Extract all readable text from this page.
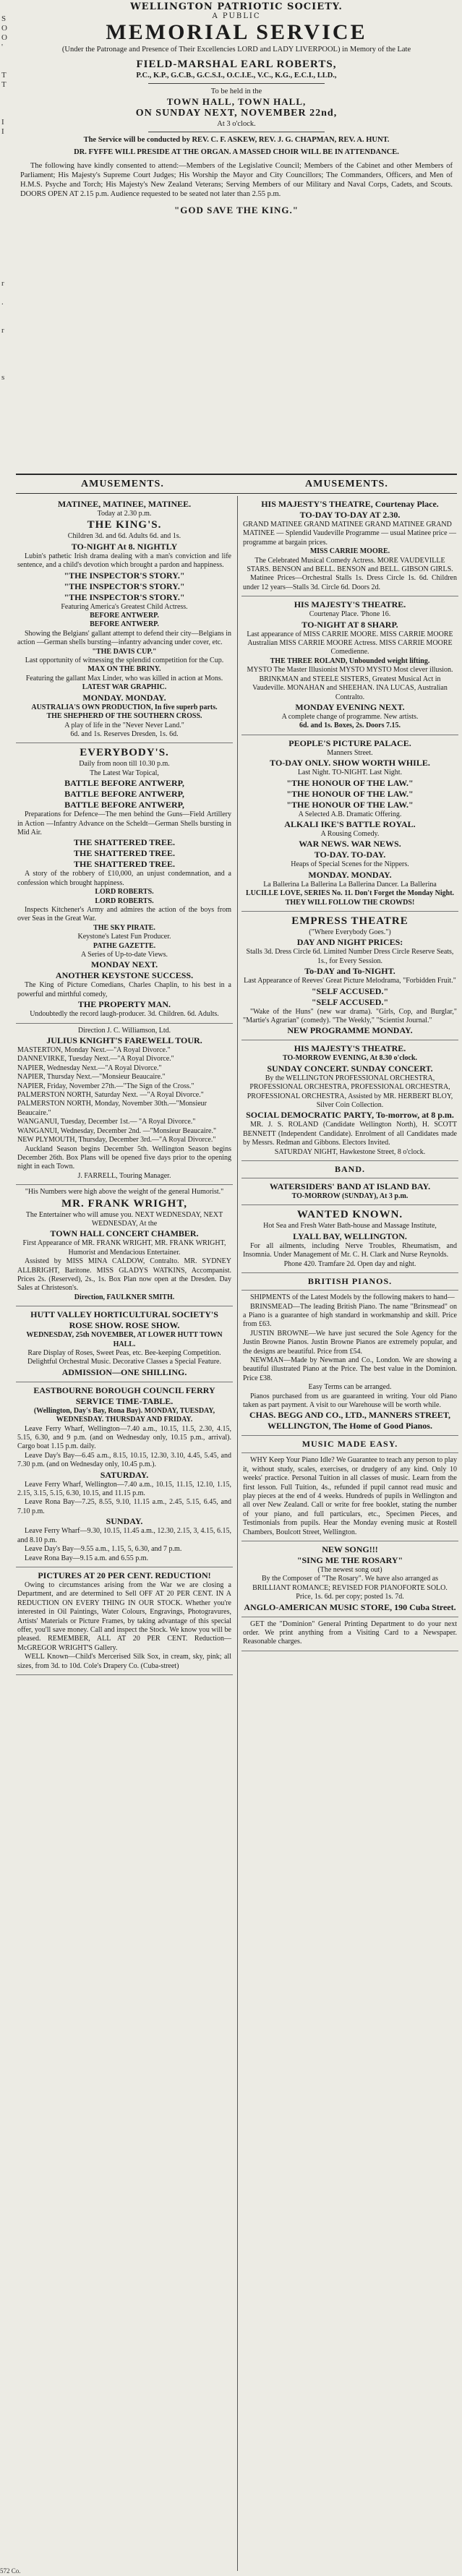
S
O
O
'

T
T

I
I

r

.

r

s

WELLINGTON PATRIOTIC SOCIETY.

A PUBLIC

MEMORIAL SERVICE

(Under the Patronage and Presence of Their Excellencies LORD and LADY LIVERPOOL) in Memory of the Late

FIELD-MARSHAL EARL ROBERTS,

P.C., K.P., G.C.B., G.C.S.I., O.C.I.E., V.C., K.G., E.C.I., LLD.,

To be held in the

TOWN HALL, TOWN HALL,

ON SUNDAY NEXT, NOVEMBER 22nd,

At 3 o'clock.

The Service will be conducted by REV. C. F. ASKEW, REV. J. G. CHAPMAN, REV. A. HUNT.

DR. FYFFE WILL PRESIDE AT THE ORGAN. A MASSED CHOIR WILL BE IN ATTENDANCE.

The following have kindly consented to attend:—Members of the Legislative Council; Members of the Cabinet and other Members of Parliament; His Majesty's Supreme Court Judges; His Worship the Mayor and City Councillors; The Commanders, Officers, and Men of H.M.S. Psyche and Torch; His Majesty's New Zealand Veterans; Serving Members of our Military and Naval Corps, Cadets, and Scouts. DOORS OPEN AT 2.15 p.m. Audience requested to be seated not later than 2.55 p.m.

"GOD SAVE THE KING."

AMUSEMENTS.	AMUSEMENTS.

MATINEE, MATINEE, MATINEE.

Today at 2.30 p.m.

THE KING'S.

Children 3d. and 6d. Adults 6d. and 1s.

TO-NIGHT At 8. NIGHTLY

Lubin's pathetic Irish drama dealing with a man's conviction and life sentence, and a child's devotion which brought a pardon and happiness.

"THE INSPECTOR'S STORY."

"THE INSPECTOR'S STORY."

"THE INSPECTOR'S STORY."

Featuring America's Greatest Child Actress.

BEFORE ANTWERP.

BEFORE ANTWERP.

Showing the Belgians' gallant attempt to defend their city—Belgians in action —German shells bursting—infantry advancing under cover, etc.

"THE DAVIS CUP."

Last opportunity of witnessing the splendid competition for the Cup.

MAX ON THE BRINY.

Featuring the gallant Max Linder, who was killed in action at Mons.

LATEST WAR GRAPHIC.

MONDAY. MONDAY.

AUSTRALIA'S OWN PRODUCTION, In five superb parts.

THE SHEPHERD OF THE SOUTHERN CROSS.

A play of life in the "Never Never Land."

6d. and 1s. Reserves Dresden, 1s. 6d.

EVERYBODY'S.

Daily from noon till 10.30 p.m.

The Latest War Topical,

BATTLE BEFORE ANTWERP,

BATTLE BEFORE ANTWERP,

BATTLE BEFORE ANTWERP,

Preparations for Defence—The men behind the Guns—Field Artillery in Action —Infantry Advance on the Scheldt—German Shells bursting in Mid Air.

THE SHATTERED TREE.

THE SHATTERED TREE.

THE SHATTERED TREE.

A story of the robbery of £10,000, an unjust condemnation, and a confession which brought happiness.

LORD ROBERTS.

LORD ROBERTS.

Inspects Kitchener's Army and admires the action of the boys from over Seas in the Great War.

THE SKY PIRATE.

Keystone's Latest Fun Producer.

PATHE GAZETTE.

A Series of Up-to-date Views.

MONDAY NEXT.

ANOTHER KEYSTONE SUCCESS.

The King of Picture Comedians, Charles Chaplin, to his best in a powerful and mirthful comedy,

THE PROPERTY MAN.

Undoubtedly the record laugh-producer. 3d. Children. 6d. Adults.

Direction J. C. Williamson, Ltd.

JULIUS KNIGHT'S FAREWELL TOUR.

MASTERTON, Monday Next.—"A Royal Divorce."

DANNEVIRKE, Tuesday Next.—"A Royal Divorce."

NAPIER, Wednesday Next.—"A Royal Divorce."

NAPIER, Thursday Next.—"Monsieur Beaucaire."

NAPIER, Friday, November 27th.—"The Sign of the Cross."

PALMERSTON NORTH, Saturday Next. —"A Royal Divorce."

PALMERSTON NORTH, Monday, November 30th.—"Monsieur Beaucaire."

WANGANUI, Tuesday, December 1st.— "A Royal Divorce."

WANGANUI, Wednesday, December 2nd. —"Monsieur Beaucaire."

NEW PLYMOUTH, Thursday, December 3rd.—"A Royal Divorce."

Auckland Season begins December 5th. Wellington Season begins December 26th. Box Plans will be opened five days prior to the opening night in each Town.

J. FARRELL, Touring Manager.

"His Numbers were high above the weight of the general Humorist."

MR. FRANK WRIGHT,

The Entertainer who will amuse you. NEXT WEDNESDAY, NEXT WEDNESDAY, At the

TOWN HALL CONCERT CHAMBER.

First Appearance of MR. FRANK WRIGHT, MR. FRANK WRIGHT, Humorist and Mendacious Entertainer.

Assisted by MISS MINA CALDOW, Contralto. MR. SYDNEY ALLBRIGHT, Baritone. MISS GLADYS WATKINS, Accompanist. Prices 2s. (Reserved), 2s., 1s. Box Plan now open at the Dresden. Day Sales at Christeson's.

Direction, FAULKNER SMITH.

HUTT VALLEY HORTICULTURAL SOCIETY'S

ROSE SHOW. ROSE SHOW.

WEDNESDAY, 25th NOVEMBER, AT LOWER HUTT TOWN HALL.

Rare Display of Roses, Sweet Peas, etc. Bee-keeping Competition. Delightful Orchestral Music. Decorative Classes a Special Feature.

ADMISSION—ONE SHILLING.

EASTBOURNE BOROUGH COUNCIL FERRY SERVICE TIME-TABLE.

(Wellington, Day's Bay, Rona Bay). MONDAY, TUESDAY, WEDNESDAY. THURSDAY AND FRIDAY.

Leave Ferry Wharf, Wellington—7.40 a.m., 10.15, 11.5, 2.30, 4.15, 5.15, 6.30, and 9 p.m. (and on Wednesday only, 10.15 p.m., arrival). Cargo boat 1.15 p.m. daily.

Leave Day's Bay—6.45 a.m., 8.15, 10.15, 12.30, 3.10, 4.45, 5.45, and 7.30 p.m. (and on Wednesday only, 10.45 p.m.).

SATURDAY.

Leave Ferry Wharf, Wellington—7.40 a.m., 10.15, 11.15, 12.10, 1.15, 2.15, 3.15, 5.15, 6.30, 10.15, and 11.15 p.m.

Leave Rona Bay—7.25, 8.55, 9.10, 11.15 a.m., 2.45, 5.15, 6.45, and 7.10 p.m.

SUNDAY.

Leave Ferry Wharf—9.30, 10.15, 11.45 a.m., 12.30, 2.15, 3, 4.15, 6.15, and 8.10 p.m.

Leave Day's Bay—9.55 a.m., 1.15, 5, 6.30, and 7 p.m.

Leave Rona Bay—9.15 a.m. and 6.55 p.m.

PICTURES AT 20 PER CENT. REDUCTION!

Owing to circumstances arising from the War we are closing a Department, and are determined to Sell OFF AT 20 PER CENT. IN A REDUCTION ON EVERY THING IN OUR STOCK. Whether you're interested in Oil Paintings, Water Colours, Engravings, Photogravures, Artists' Materials or Picture Frames, by taking advantage of this special offer, you'll save money. Call and inspect the Stock. We know you will be pleased. REMEMBER, ALL AT 20 PER CENT. Reduction—McGREGOR WRIGHT'S Gallery.

WELL Known—Child's Mercerised Silk Sox, in cream, sky, pink; all sizes, from 3d. to 10d. Cole's Drapery Co. (Cuba-street)

HIS MAJESTY'S THEATRE, Courtenay Place.

TO-DAY TO-DAY AT 2.30.

GRAND MATINEE GRAND MATINEE GRAND MATINEE GRAND MATINEE — Splendid Vaudeville Programme — usual Matinee price — programme at bargain prices.

MISS CARRIE MOORE.

The Celebrated Musical Comedy Actress. MORE VAUDEVILLE STARS. BENSON and BELL. BENSON and BELL. GIBSON GIRLS.

Matinee Prices—Orchestral Stalls 1s. Dress Circle 1s. 6d. Children under 12 years—Stalls 3d. Circle 6d. Doors 2d.

HIS MAJESTY'S THEATRE.

Courtenay Place. 'Phone 16.

TO-NIGHT AT 8 SHARP.

Last appearance of MISS CARRIE MOORE. MISS CARRIE MOORE Australian MISS CARRIE MOORE Actress. MISS CARRIE MOORE Comedienne.

THE THREE ROLAND, Unbounded weight lifting.

MYSTO The Master Illusionist MYSTO MYSTO Most clever illusion. BRINKMAN and STEELE SISTERS, Greatest Musical Act in Vaudeville. MONAHAN and SHEEHAN. INA LUCAS, Australian Contralto.

MONDAY EVENING NEXT.

A complete change of programme. New artists.

6d. and 1s. Boxes, 2s. Doors 7.15.

PEOPLE'S PICTURE PALACE.

Manners Street.

TO-DAY ONLY. SHOW WORTH WHILE.

Last Night. TO-NIGHT. Last Night.

"THE HONOUR OF THE LAW."

"THE HONOUR OF THE LAW."

"THE HONOUR OF THE LAW."

A Selected A.B. Dramatic Offering.

ALKALI IKE'S BATTLE ROYAL.

A Rousing Comedy.

WAR NEWS. WAR NEWS.

TO-DAY. TO-DAY.

Heaps of Special Scenes for the Nippers.

MONDAY. MONDAY.

La Ballerina La Ballerina La Ballerina Dancer. La Ballerina

LUCILLE LOVE, SERIES No. 11. Don't Forget the Monday Night. THEY WILL FOLLOW THE CROWDS!

EMPRESS THEATRE

("Where Everybody Goes.")

DAY AND NIGHT PRICES:

Stalls 3d. Dress Circle 6d. Limited Number Dress Circle Reserve Seats, 1s., for Every Session.

To-DAY and To-NIGHT.

Last Appearance of Reeves' Great Picture Melodrama, "Forbidden Fruit."

"SELF ACCUSED."

"SELF ACCUSED."

"Wake of the Huns" (new war drama). "Girls, Cop, and Burglar," "Martie's Agrarian" (comedy). "The Weekly," "Scientist Journal."

NEW PROGRAMME MONDAY.

HIS MAJESTY'S THEATRE.

TO-MORROW EVENING, At 8.30 o'clock.

SUNDAY CONCERT. SUNDAY CONCERT.

By the WELLINGTON PROFESSIONAL ORCHESTRA, PROFESSIONAL ORCHESTRA, PROFESSIONAL ORCHESTRA, PROFESSIONAL ORCHESTRA, Assisted by MR. HERBERT BLOY, Silver Coin Collection.

SOCIAL DEMOCRATIC PARTY, To-morrow, at 8 p.m.

MR. J. S. ROLAND (Candidate Wellington North), H. SCOTT BENNETT (Independent Candidate). Enrolment of all Candidates made by Messrs. Redman and Gibbons. Electors Invited.

SATURDAY NIGHT, Hawkestone Street, 8 o'clock.

BAND.

WATERSIDERS' BAND AT ISLAND BAY.

TO-MORROW (SUNDAY), At 3 p.m.

WANTED KNOWN.

Hot Sea and Fresh Water Bath-house and Massage Institute,

LYALL BAY, WELLINGTON.

For all ailments, including Nerve Troubles, Rheumatism, and Insomnia. Under Management of Mr. C. H. Clark and Nurse Reynolds.

Phone 420. Tramfare 2d. Open day and night.

BRITISH PIANOS.

SHIPMENTS of the Latest Models by the following makers to hand—

BRINSMEAD—The leading British Piano. The name "Brinsmead" on a Piano is a guarantee of high standard in workmanship and skill. Price from £63.

JUSTIN BROWNE—We have just secured the Sole Agency for the Justin Browne Pianos. Justin Browne Pianos are extremely popular, and the designs are beautiful. Price from £54.

NEWMAN—Made by Newman and Co., London. We are showing a beautiful illustrated Piano at the Price. The best value in the Dominion. Price £38.

Easy Terms can be arranged.

Pianos purchased from us are guaranteed in writing. Your old Piano taken as part payment. A visit to our Warehouse will be worth while.

CHAS. BEGG AND CO., LTD., MANNERS STREET, WELLINGTON, The Home of Good Pianos.

MUSIC MADE EASY.

WHY Keep Your Piano Idle? We Guarantee to teach any person to play it, without study, scales, exercises, or drudgery of any kind. Only 10 weeks' practice. Personal Tuition in all classes of music. Learn from the first lesson. Full Tuition, 4s., refunded if pupil cannot read music and play pieces at the end of 4 weeks. Hundreds of pupils in Wellington and all over New Zealand. Call or write for free booklet, stating the number of your piano, and full particulars, etc., Specimen Pieces, and Testimonials from pupils. Hear the Monday evening music at Rostell Chambers, Boulcott Street, Wellington.

NEW SONG!!!

"SING ME THE ROSARY"

(The newest song out)

By the Composer of "The Rosary". We have also arranged as BRILLIANT ROMANCE; REVISED FOR PIANOFORTE SOLO.

Price, 1s. 6d. per copy; posted 1s. 7d.

ANGLO-AMERICAN MUSIC STORE, 190 Cuba Street.

GET the "Dominion" General Printing Department to do your next order. We print anything from a Visiting Card to a Newspaper. Reasonable charges.

572 Co.
